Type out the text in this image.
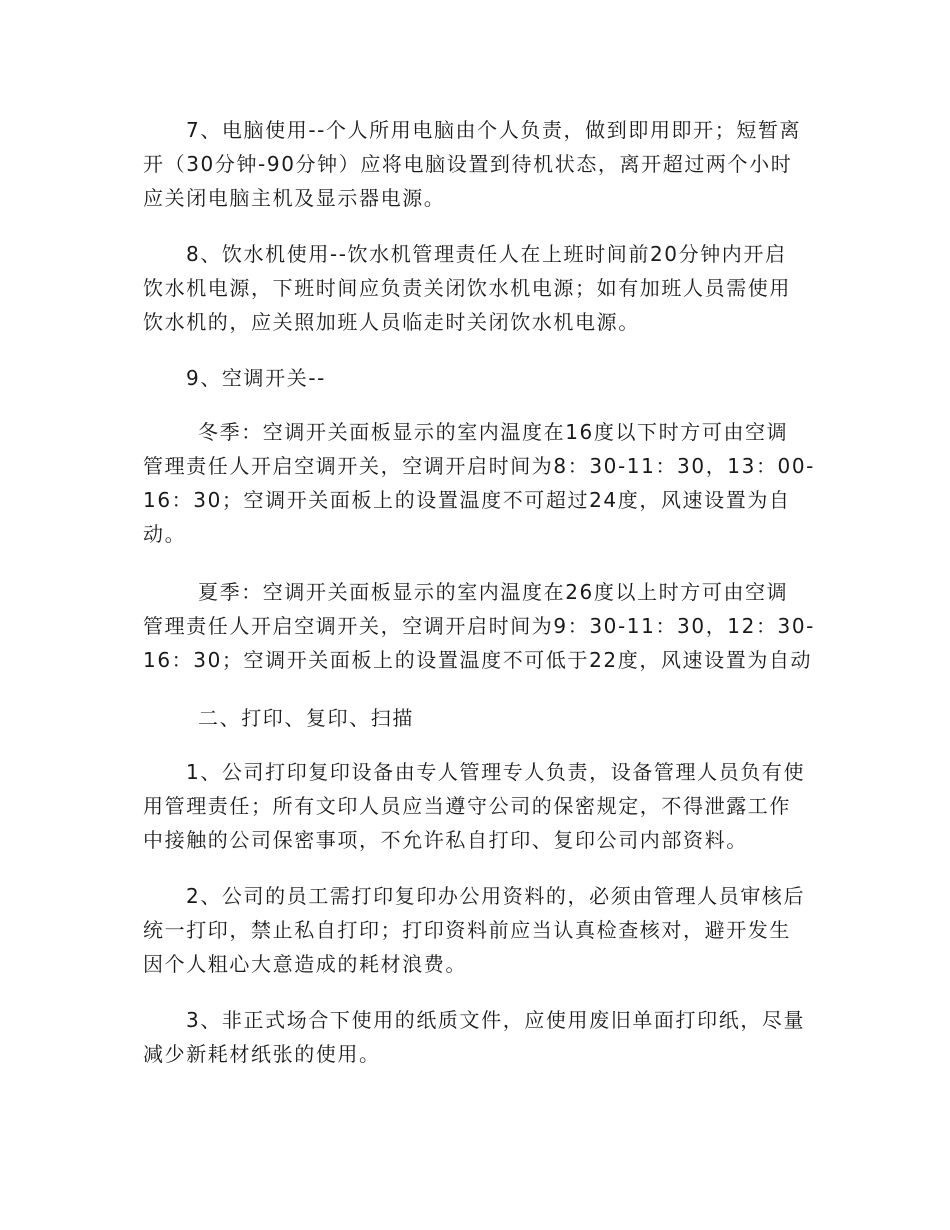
7、电脑使用--个人所用电脑由个人负责，做到即用即开；短暂离
开（30分钟-90分钟）应将电脑设置到待机状态，离开超过两个小时
应关闭电脑主机及显示器电源。
8、饮水机使用--饮水机管理责任人在上班时间前20分钟内开启
饮水机电源，下班时间应负责关闭饮水机电源；如有加班人员需使用
饮水机的，应关照加班人员临走时关闭饮水机电源。
9、空调开关--
冬季：空调开关面板显示的室内温度在16度以下时方可由空调
管理责任人开启空调开关，空调开启时间为8：30-11：30，13：00-
16：30；空调开关面板上的设置温度不可超过24度，风速设置为自
动。
夏季：空调开关面板显示的室内温度在26度以上时方可由空调
管理责任人开启空调开关，空调开启时间为9：30-11：30，12：30-
16：30；空调开关面板上的设置温度不可低于22度，风速设置为自动
二、打印、复印、扫描
1、公司打印复印设备由专人管理专人负责，设备管理人员负有使
用管理责任；所有文印人员应当遵守公司的保密规定，不得泄露工作
中接触的公司保密事项，不允许私自打印、复印公司内部资料。
2、公司的员工需打印复印办公用资料的，必须由管理人员审核后
统一打印，禁止私自打印；打印资料前应当认真检查核对，避开发生
因个人粗心大意造成的耗材浪费。
3、非正式场合下使用的纸质文件，应使用废旧单面打印纸，尽量
减少新耗材纸张的使用。
